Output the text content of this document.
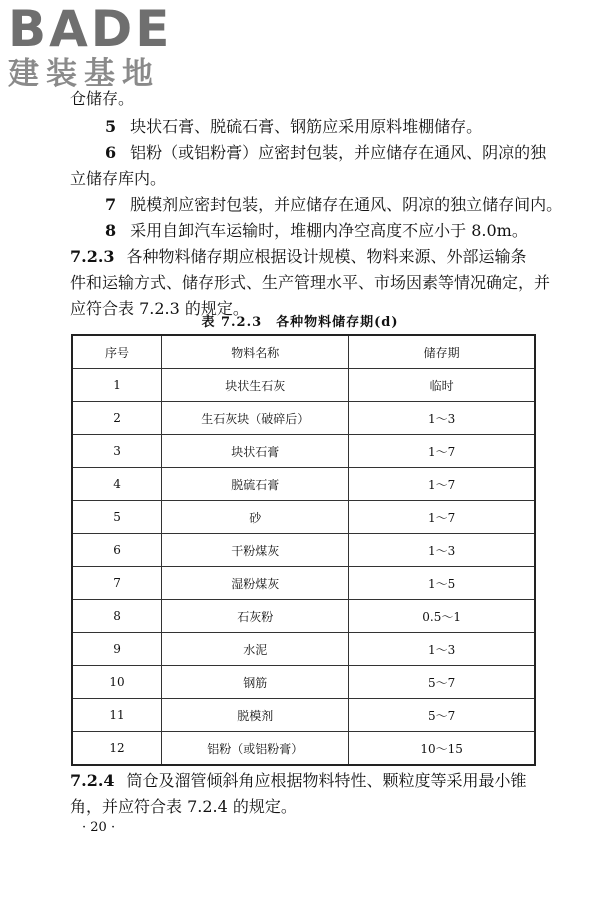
BADE
建装基地
仓储存。
5 块状石膏、脱硫石膏、钢筋应采用原料堆棚储存。
6 铝粉（或铝粉膏）应密封包装，并应储存在通风、阴凉的独
立储存库内。
7 脱模剂应密封包装，并应储存在通风、阴凉的独立储存间内。
8 采用自卸汽车运输时，堆棚内净空高度不应小于 8.0m。
7.2.3 各种物料储存期应根据设计规模、物料来源、外部运输条
件和运输方式、储存形式、生产管理水平、市场因素等情况确定，并
应符合表 7.2.3 的规定。
表 7.2.3　各种物料储存期(d)
序号	物料名称	储存期
1	块状生石灰	临时
2	生石灰块（破碎后）	1～3
3	块状石膏	1～7
4	脱硫石膏	1～7
5	砂	1～7
6	干粉煤灰	1～3
7	湿粉煤灰	1～5
8	石灰粉	0.5～1
9	水泥	1～3
10	钢筋	5～7
11	脱模剂	5～7
12	铝粉（或铝粉膏）	10～15
7.2.4 筒仓及溜管倾斜角应根据物料特性、颗粒度等采用最小锥
角，并应符合表 7.2.4 的规定。
· 20 ·
